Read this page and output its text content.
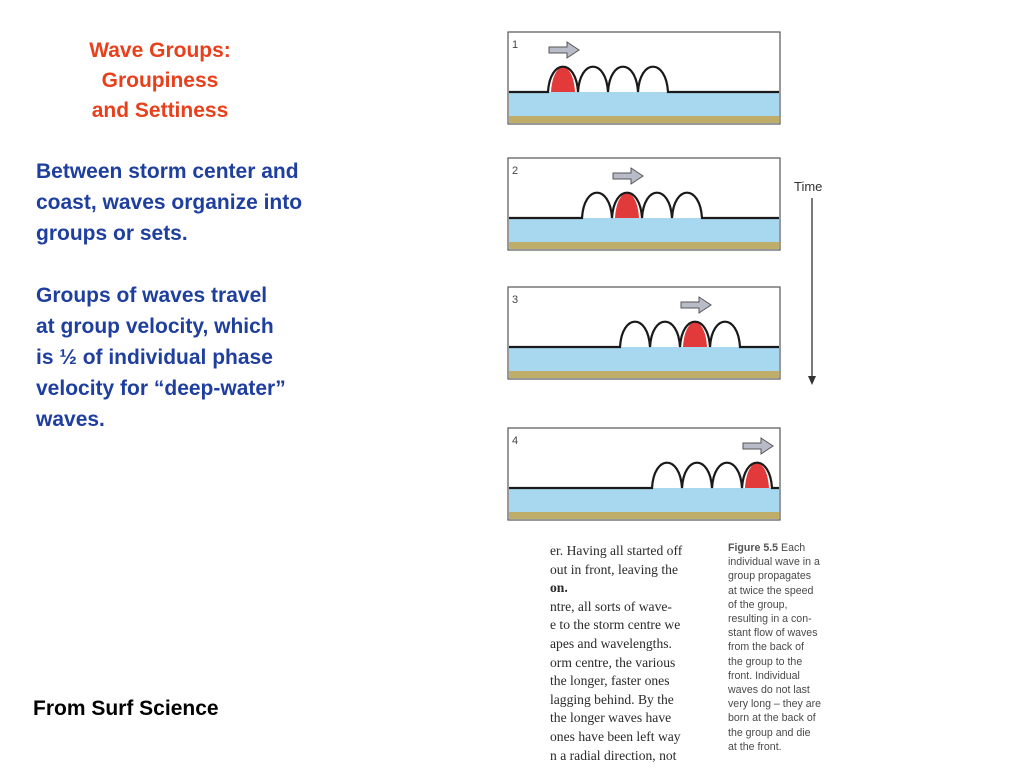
Wave Groups:
Groupiness
and Settiness
Between storm center and
coast, waves organize into
groups or sets.
Groups of waves travel
at group velocity, which
is ½ of individual phase
velocity for “deep-water”
waves.
From Surf Science
Time
1
2
3
4
er. Having all started off
out in front, leaving the
on.
ntre, all sorts of wave-
e to the storm centre we
apes and wavelengths.
orm centre, the various
the longer, faster ones
lagging behind. By the
the longer waves have
ones have been left way
n a radial direction, not
Figure 5.5 Each
individual wave in a
group propagates
at twice the speed
of the group,
resulting in a con-
stant flow of waves
from the back of
the group to the
front. Individual
waves do not last
very long – they are
born at the back of
the group and die
at the front.
